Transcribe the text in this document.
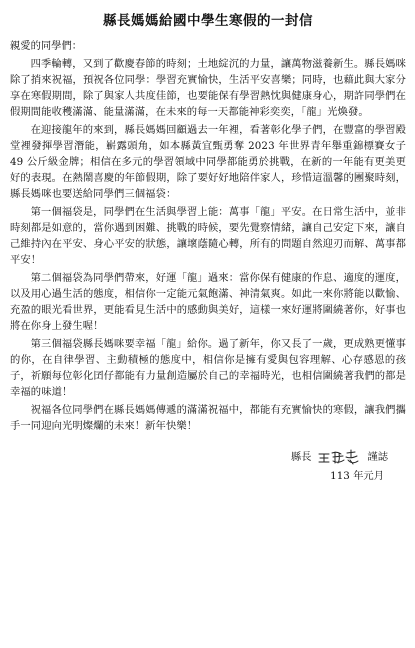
縣長媽媽給國中學生寒假的一封信
親愛的同學們：

四季輪轉，又到了歡慶春節的時刻；土地綻沉的力量，讓萬物滋養新生。縣長媽咪除了捎來祝福，預祝各位同學：學習充實愉快，生活平安喜樂；同時，也藉此與大家分享在寒假期間，除了與家人共度佳節，也要能保有學習熱忱與健康身心，期許同學們在假期間能收穫滿滿、能量滿滿，在未來的每一天都能神彩奕奕，「龍」光煥發。

在迎接龍年的來到，縣長媽媽回顧過去一年裡，看著彰化學子們，在豐富的學習殿堂裡發揮學習潛能，嶄露頭角，如本縣黃宜甄勇奪 2023 年世界青年舉重錦標賽女子 49 公斤級金牌；相信在多元的學習領域中同學都能勇於挑戰，在新的一年能有更美更好的表現。在熱鬧喜慶的年節假期，除了要好好地陪伴家人，珍惜這溫馨的團聚時刻，縣長媽咪也要送給同學們三個福袋：

第一個福袋是，同學們在生活與學習上能：萬事「龍」平安。在日常生活中，並非時刻都是如意的，當你遇到困難、挑戰的時候，要先覺察情緒，讓自己安定下來，讓自己維持內在平安、身心平安的狀態，讓壞蔭隨心轉，所有的問題自然迎刃而解、萬事都平安！

第二個福袋為同學們帶來，好運「龍」過來：當你保有健康的作息、適度的運度，以及用心過生活的態度，相信你一定能元氣飽滿、神清氣爽。如此一來你將能以歡愉、充盈的眼光看世界，更能看見生活中的感動與美好，這樣一來好運將圍繞著你，好事也將在你身上發生喔！

第三個福袋縣長媽咪要幸福「龍」給你。過了新年，你又長了一歲，更成熟更懂事的你，在自律學習、主動積極的態度中，相信你是擁有愛與包容理解、心存感恩的孩子，祈願每位彰化囝仔都能有力量創造屬於自己的幸福時光，也相信圍繞著我們的都是幸福的味道！

祝福各位同學們在縣長媽媽傳遞的滿滿祝福中，都能有充實愉快的寒假，讓我們攜手一同迎向光明燦爛的未來！新年快樂！

縣長	謹誌
113 年元月
